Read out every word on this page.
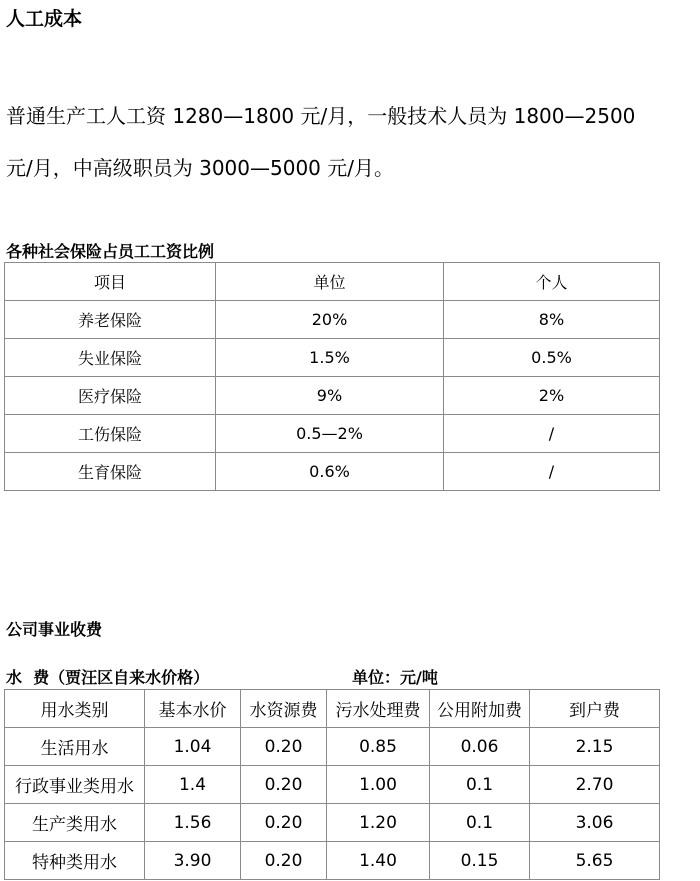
人工成本
普通生产工人工资 1280—1800 元/月，一般技术人员为 1800—2500
元/月，中高级职员为 3000—5000 元/月。
各种社会保险占员工工资比例
项目	单位	个人
养老保险	20%	8%
失业保险	1.5%	0.5%
医疗保险	9%	2%
工伤保险	0.5—2%	/
生育保险	0.6%	/
公司事业收费
水  费（贾汪区自来水价格）	单位：元/吨
用水类别	基本水价	水资源费	污水处理费	公用附加费	到户费
生活用水	1.04	0.20	0.85	0.06	2.15
行政事业类用水	1.4	0.20	1.00	0.1	2.70
生产类用水	1.56	0.20	1.20	0.1	3.06
特种类用水	3.90	0.20	1.40	0.15	5.65
